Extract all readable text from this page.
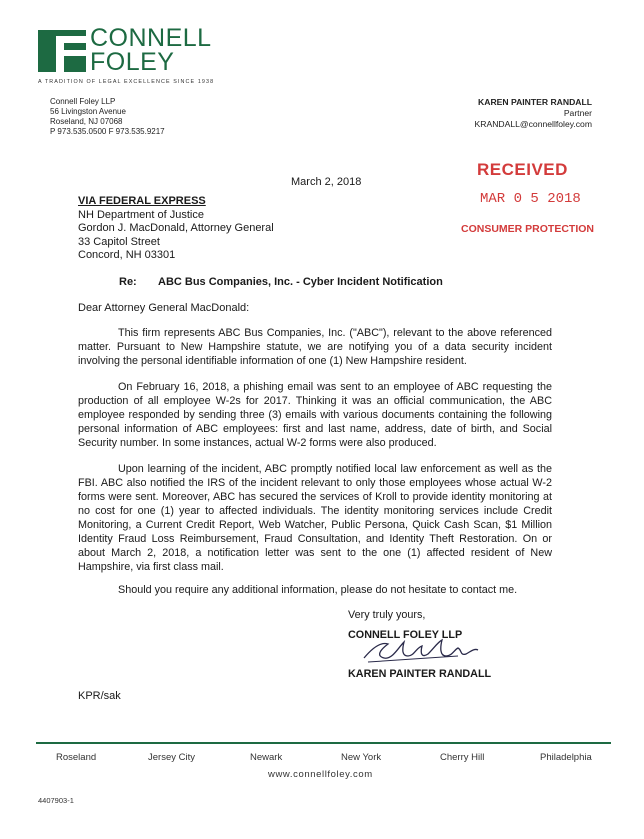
CONNELL
FOLEY
A TRADITION OF LEGAL EXCELLENCE SINCE 1938
Connell Foley LLP
56 Livingston Avenue
Roseland, NJ 07068
P 973.535.0500 F 973.535.9217
KAREN PAINTER RANDALL
Partner
KRANDALL@connellfoley.com
RECEIVED
MAR 0 5 2018
CONSUMER PROTECTION
March 2, 2018
VIA FEDERAL EXPRESS
NH Department of Justice
Gordon J. MacDonald, Attorney General
33 Capitol Street
Concord, NH 03301
Re: ABC Bus Companies, Inc. - Cyber Incident Notification
Dear Attorney General MacDonald:
This firm represents ABC Bus Companies, Inc. ("ABC"), relevant to the above referenced matter. Pursuant to New Hampshire statute, we are notifying you of a data security incident involving the personal identifiable information of one (1) New Hampshire resident.
On February 16, 2018, a phishing email was sent to an employee of ABC requesting the production of all employee W-2s for 2017. Thinking it was an official communication, the ABC employee responded by sending three (3) emails with various documents containing the following personal information of ABC employees: first and last name, address, date of birth, and Social Security number. In some instances, actual W-2 forms were also produced.
Upon learning of the incident, ABC promptly notified local law enforcement as well as the FBI. ABC also notified the IRS of the incident relevant to only those employees whose actual W-2 forms were sent. Moreover, ABC has secured the services of Kroll to provide identity monitoring at no cost for one (1) year to affected individuals. The identity monitoring services include Credit Monitoring, a Current Credit Report, Web Watcher, Public Persona, Quick Cash Scan, $1 Million Identity Fraud Loss Reimbursement, Fraud Consultation, and Identity Theft Restoration. On or about March 2, 2018, a notification letter was sent to the one (1) affected resident of New Hampshire, via first class mail.
Should you require any additional information, please do not hesitate to contact me.
Very truly yours,
CONNELL FOLEY LLP
KAREN PAINTER RANDALL
KPR/sak
Roseland	Jersey City	Newark	New York	Cherry Hill	Philadelphia
www.connellfoley.com
4407903-1
